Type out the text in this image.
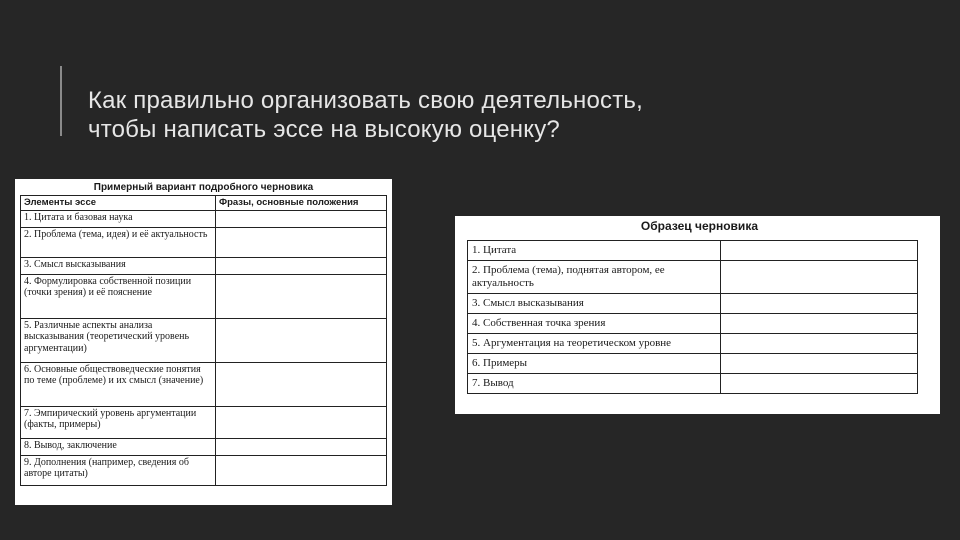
Как правильно организовать свою деятельность,
чтобы написать эссе на высокую оценку?
Примерный вариант подробного черновика
Элементы эссе	Фразы, основные положения
1. Цитата и базовая наука	
2. Проблема (тема, идея) и её актуальность	
3. Смысл высказывания	
4. Формулировка собственной позиции (точки зрения) и её пояснение	
5. Различные аспекты анализа высказывания (теоретический уровень аргументации)	
6. Основные обществоведческие понятия по теме (проблеме) и их смысл (значение)	
7. Эмпирический уровень аргументации (факты, примеры)	
8. Вывод, заключение	
9. Дополнения (например, сведения об авторе цитаты)	
Образец черновика
1. Цитата	
2. Проблема (тема), поднятая автором, ее актуальность	
3. Смысл высказывания	
4. Собственная точка зрения	
5. Аргументация на теоретическом уровне	
6. Примеры	
7. Вывод	
